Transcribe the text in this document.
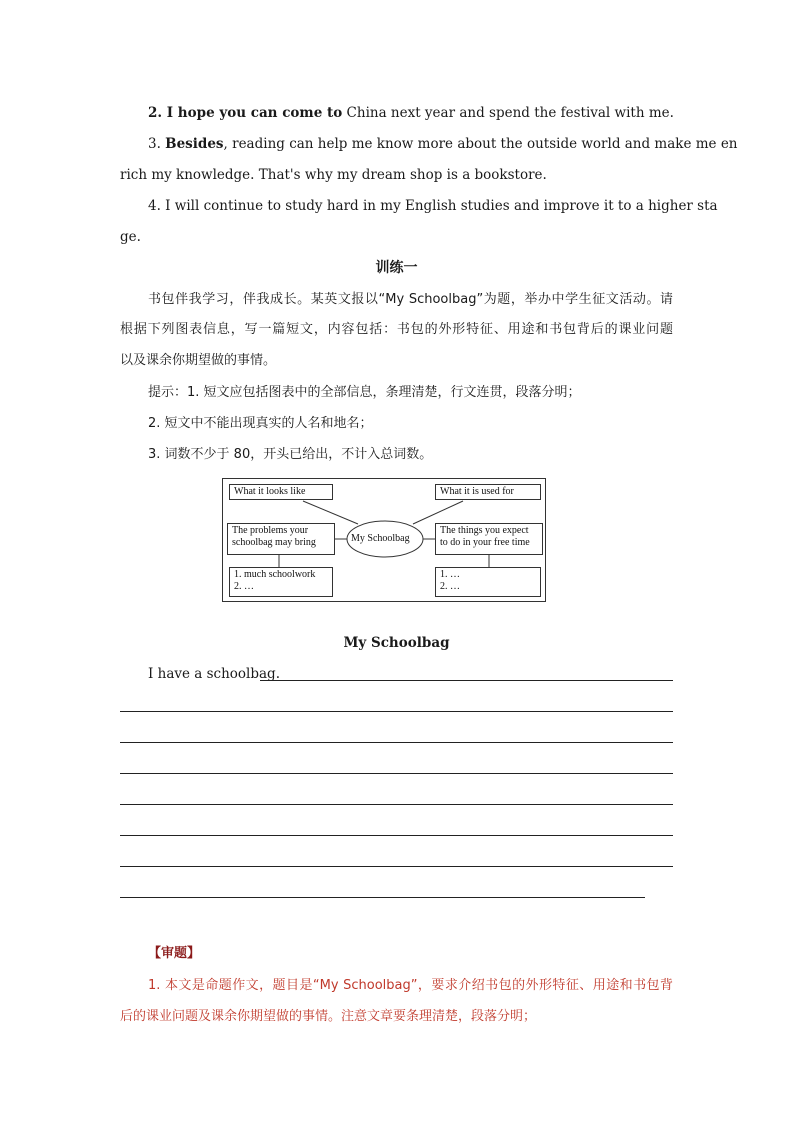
2. I hope you can come to China next year and spend the festival with me.
3. Besides, reading can help me know more about the outside world and make me en
rich my knowledge. That's why my dream shop is a bookstore.
4. I will continue to study hard in my English studies and improve it to a higher sta
ge.
训练一
书包伴我学习，伴我成长。某英文报以“My Schoolbag”为题，举办中学生征文活动。请
根据下列图表信息，写一篇短文，内容包括：书包的外形特征、用途和书包背后的课业问题
以及课余你期望做的事情。
提示：1. 短文应包括图表中的全部信息，条理清楚，行文连贯，段落分明；
2. 短文中不能出现真实的人名和地名；
3. 词数不少于 80，开头已给出，不计入总词数。
My Schoolbag
What it looks like	What it is used for
The problems your
schoolbag may bring
The things you expect
to do in your free time
1. much schoolwork
2. …
1. …
2. …
My Schoolbag
I have a schoolbag.
【审题】
1. 本文是命题作文，题目是“My Schoolbag”，要求介绍书包的外形特征、用途和书包背
后的课业问题及课余你期望做的事情。注意文章要条理清楚，段落分明；
